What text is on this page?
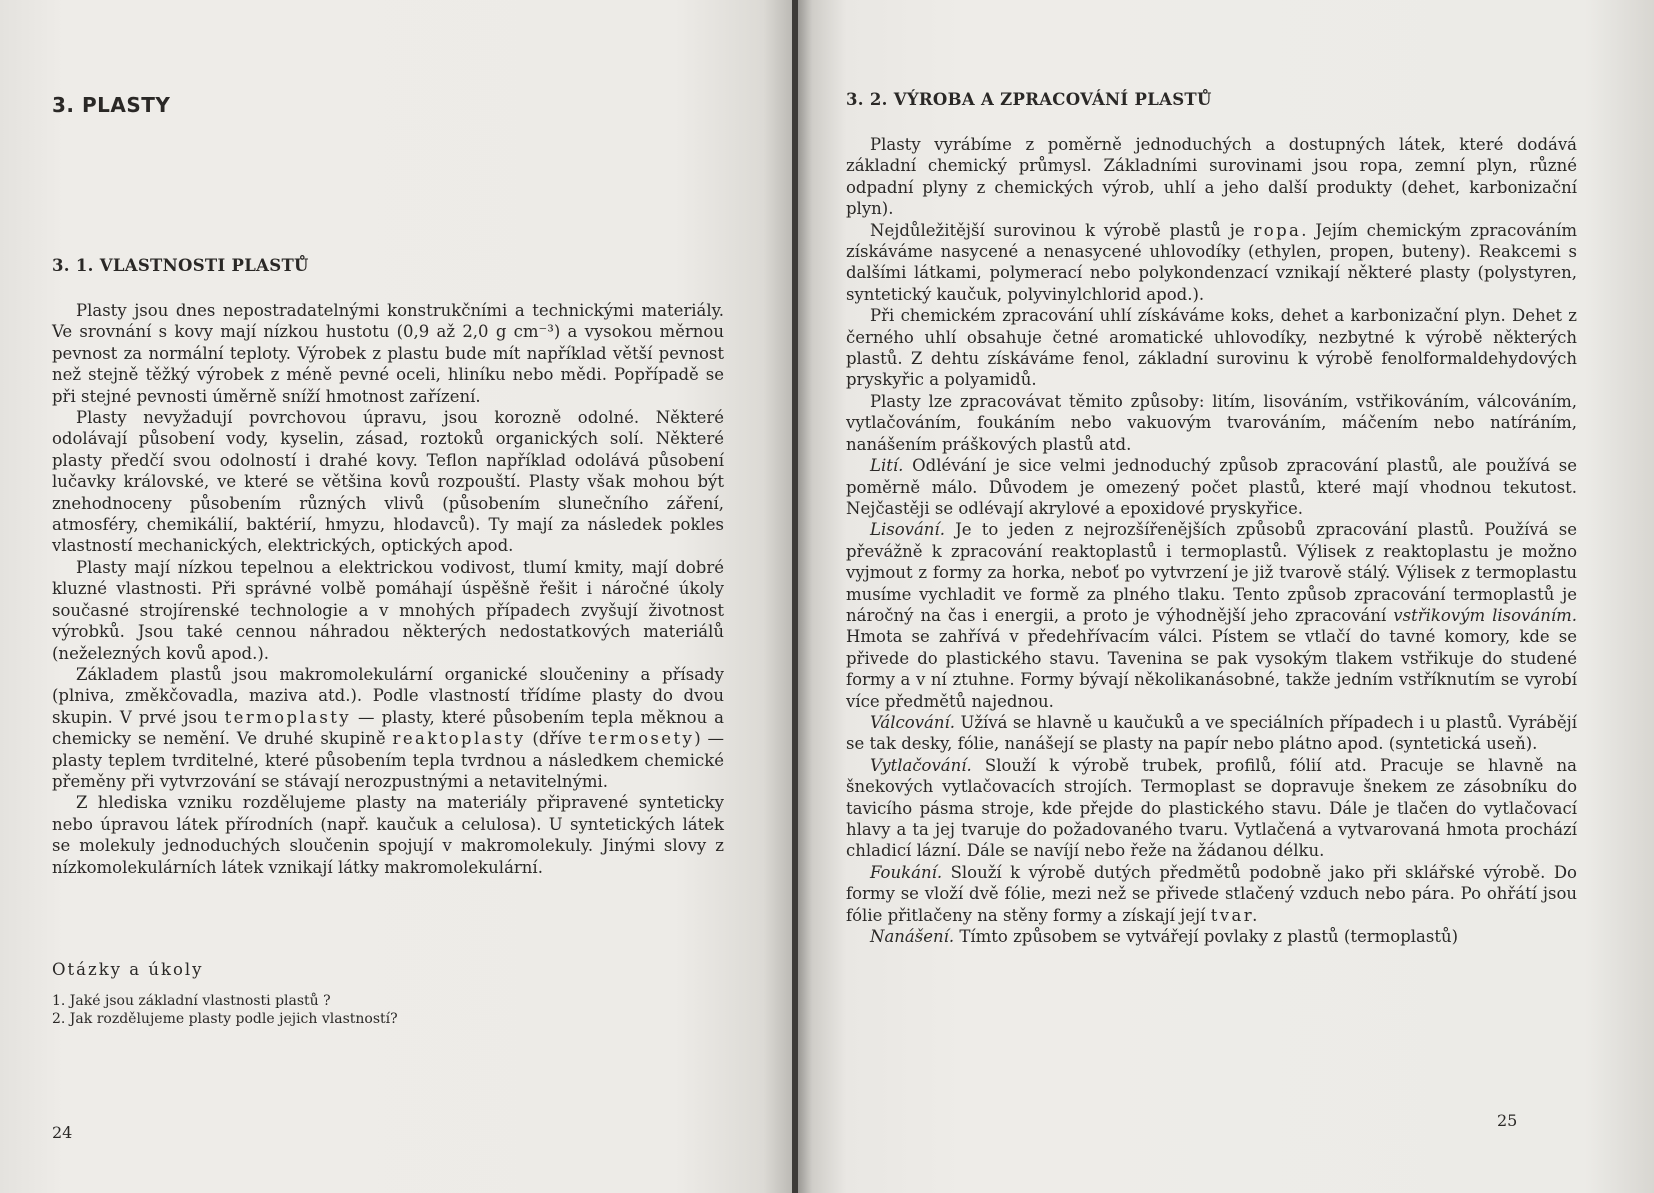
3. PLASTY
3. 1. VLASTNOSTI PLASTŮ

Plasty jsou dnes nepostradatelnými konstrukčními a technickými materiály. Ve srovnání s kovy mají nízkou hustotu (0,9 až 2,0 g cm⁻³) a vysokou měrnou pevnost za normální teploty. Výrobek z plastu bude mít například větší pevnost než stejně těžký výrobek z méně pevné oceli, hliníku nebo mědi. Popřípadě se při stejné pevnosti úměrně sníží hmotnost zařízení.

Plasty nevyžadují povrchovou úpravu, jsou korozně odolné. Některé odolávají působení vody, kyselin, zásad, roztoků organických solí. Některé plasty předčí svou odolností i drahé kovy. Teflon například odolává působení lučavky královské, ve které se většina kovů rozpouští. Plasty však mohou být znehodnoceny působením různých vlivů (působením slunečního záření, atmosféry, chemikálií, baktérií, hmyzu, hlodavců). Ty mají za následek pokles vlastností mechanických, elektrických, optických apod.

Plasty mají nízkou tepelnou a elektrickou vodivost, tlumí kmity, mají dobré kluzné vlastnosti. Při správné volbě pomáhají úspěšně řešit i náročné úkoly současné strojírenské technologie a v mnohých případech zvyšují životnost výrobků. Jsou také cennou náhradou některých nedostatkových materiálů (neželezných kovů apod.).

Základem plastů jsou makromolekulární organické sloučeniny a přísady (plniva, změkčovadla, maziva atd.). Podle vlastností třídíme plasty do dvou skupin. V prvé jsou termoplasty — plasty, které působením tepla měknou a chemicky se nemění. Ve druhé skupině reaktoplasty (dříve termosety) — plasty teplem tvrditelné, které působením tepla tvrdnou a následkem chemické přeměny při vytvrzování se stávají nerozpustnými a netavitelnými.

Z hlediska vzniku rozdělujeme plasty na materiály připravené synteticky nebo úpravou látek přírodních (např. kaučuk a celulosa). U syntetických látek se molekuly jednoduchých sloučenin spojují v makromolekuly. Jinými slovy z nízkomolekulárních látek vznikají látky makromolekulární.

Otázky a úkoly
1. Jaké jsou základní vlastnosti plastů ?
2. Jak rozdělujeme plasty podle jejich vlastností?

24

3. 2. VÝROBA A ZPRACOVÁNÍ PLASTŮ

Plasty vyrábíme z poměrně jednoduchých a dostupných látek, které dodává základní chemický průmysl. Základními surovinami jsou ropa, zemní plyn, různé odpadní plyny z chemických výrob, uhlí a jeho další produkty (dehet, karbonizační plyn).

Nejdůležitější surovinou k výrobě plastů je ropa. Jejím chemickým zpracováním získáváme nasycené a nenasycené uhlovodíky (ethylen, propen, buteny). Reakcemi s dalšími látkami, polymerací nebo polykondenzací vznikají některé plasty (polystyren, syntetický kaučuk, polyvinylchlorid apod.).

Při chemickém zpracování uhlí získáváme koks, dehet a karbonizační plyn. Dehet z černého uhlí obsahuje četné aromatické uhlovodíky, nezbytné k výrobě některých plastů. Z dehtu získáváme fenol, základní surovinu k výrobě fenolformaldehydových pryskyřic a polyamidů.

Plasty lze zpracovávat těmito způsoby: litím, lisováním, vstřikováním, válcováním, vytlačováním, foukáním nebo vakuovým tvarováním, máčením nebo natíráním, nanášením práškových plastů atd.

Lití. Odlévání je sice velmi jednoduchý způsob zpracování plastů, ale používá se poměrně málo. Důvodem je omezený počet plastů, které mají vhodnou tekutost. Nejčastěji se odlévají akrylové a epoxidové pryskyřice.

Lisování. Je to jeden z nejrozšířenějších způsobů zpracování plastů. Používá se převážně k zpracování reaktoplastů i termoplastů. Výlisek z reaktoplastu je možno vyjmout z formy za horka, neboť po vytvrzení je již tvarově stálý. Výlisek z termoplastu musíme vychladit ve formě za plného tlaku. Tento způsob zpracování termoplastů je náročný na čas i energii, a proto je výhodnější jeho zpracování vstřikovým lisováním. Hmota se zahřívá v předehřívacím válci. Pístem se vtlačí do tavné komory, kde se přivede do plastického stavu. Tavenina se pak vysokým tlakem vstřikuje do studené formy a v ní ztuhne. Formy bývají několikanásobné, takže jedním vstříknutím se vyrobí více předmětů najednou.

Válcování. Užívá se hlavně u kaučuků a ve speciálních případech i u plastů. Vyrábějí se tak desky, fólie, nanášejí se plasty na papír nebo plátno apod. (syntetická useň).

Vytlačování. Slouží k výrobě trubek, profilů, fólií atd. Pracuje se hlavně na šnekových vytlačovacích strojích. Termoplast se dopravuje šnekem ze zásobníku do tavicího pásma stroje, kde přejde do plastického stavu. Dále je tlačen do vytlačovací hlavy a ta jej tvaruje do požadovaného tvaru. Vytlačená a vytvarovaná hmota prochází chladicí lázní. Dále se navíjí nebo řeže na žádanou délku.

Foukání. Slouží k výrobě dutých předmětů podobně jako při sklářské výrobě. Do formy se vloží dvě fólie, mezi než se přivede stlačený vzduch nebo pára. Po ohřátí jsou fólie přitlačeny na stěny formy a získají její tvar.

Nanášení. Tímto způsobem se vytvářejí povlaky z plastů (termoplastů)

25
